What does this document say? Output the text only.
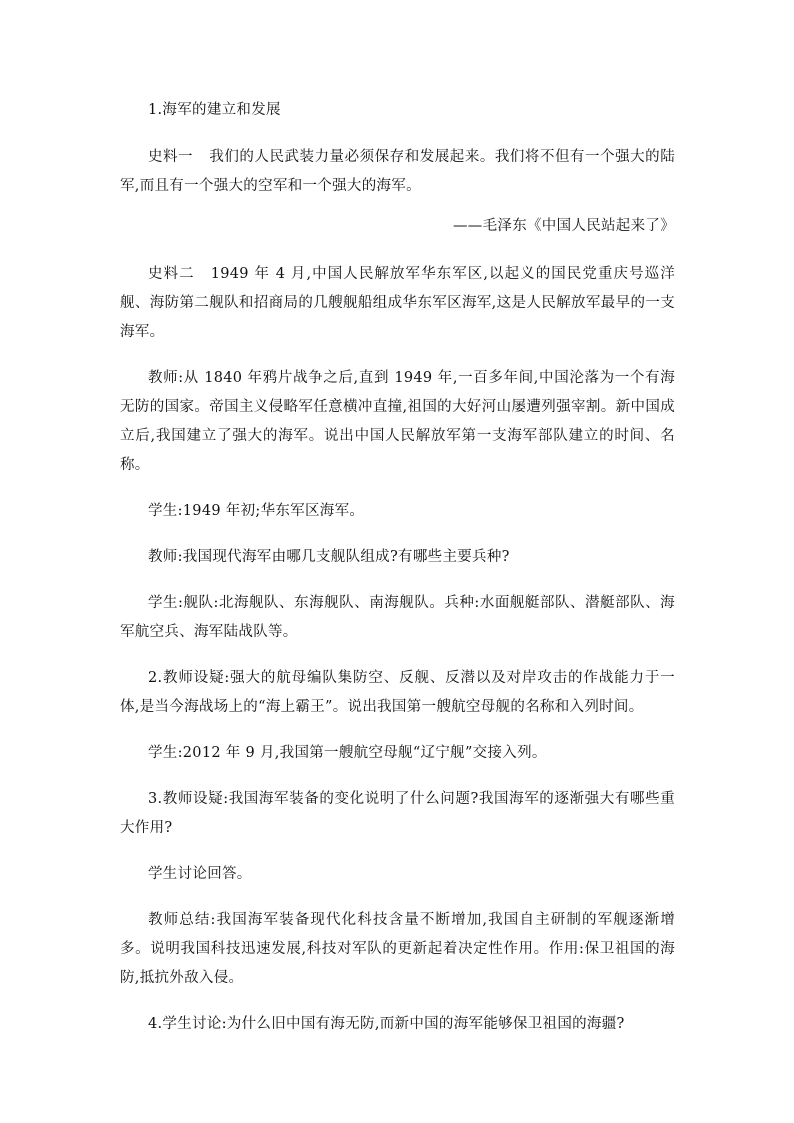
1.海军的建立和发展

史料一 我们的人民武装力量必须保存和发展起来。我们将不但有一个强大的陆军,而且有一个强大的空军和一个强大的海军。

——毛泽东《中国人民站起来了》

史料二 1949 年 4 月,中国人民解放军华东军区,以起义的国民党重庆号巡洋舰、海防第二舰队和招商局的几艘舰船组成华东军区海军,这是人民解放军最早的一支海军。

教师:从 1840 年鸦片战争之后,直到 1949 年,一百多年间,中国沦落为一个有海无防的国家。帝国主义侵略军任意横冲直撞,祖国的大好河山屡遭列强宰割。新中国成立后,我国建立了强大的海军。说出中国人民解放军第一支海军部队建立的时间、名称。

学生:1949 年初;华东军区海军。

教师:我国现代海军由哪几支舰队组成?有哪些主要兵种?

学生:舰队:北海舰队、东海舰队、南海舰队。兵种:水面舰艇部队、潜艇部队、海军航空兵、海军陆战队等。

2.教师设疑:强大的航母编队集防空、反舰、反潜以及对岸攻击的作战能力于一体,是当今海战场上的“海上霸王”。说出我国第一艘航空母舰的名称和入列时间。

学生:2012 年 9 月,我国第一艘航空母舰“辽宁舰”交接入列。

3.教师设疑:我国海军装备的变化说明了什么问题?我国海军的逐渐强大有哪些重大作用?

学生讨论回答。

教师总结:我国海军装备现代化科技含量不断增加,我国自主研制的军舰逐渐增多。说明我国科技迅速发展,科技对军队的更新起着决定性作用。作用:保卫祖国的海防,抵抗外敌入侵。

4.学生讨论:为什么旧中国有海无防,而新中国的海军能够保卫祖国的海疆?
